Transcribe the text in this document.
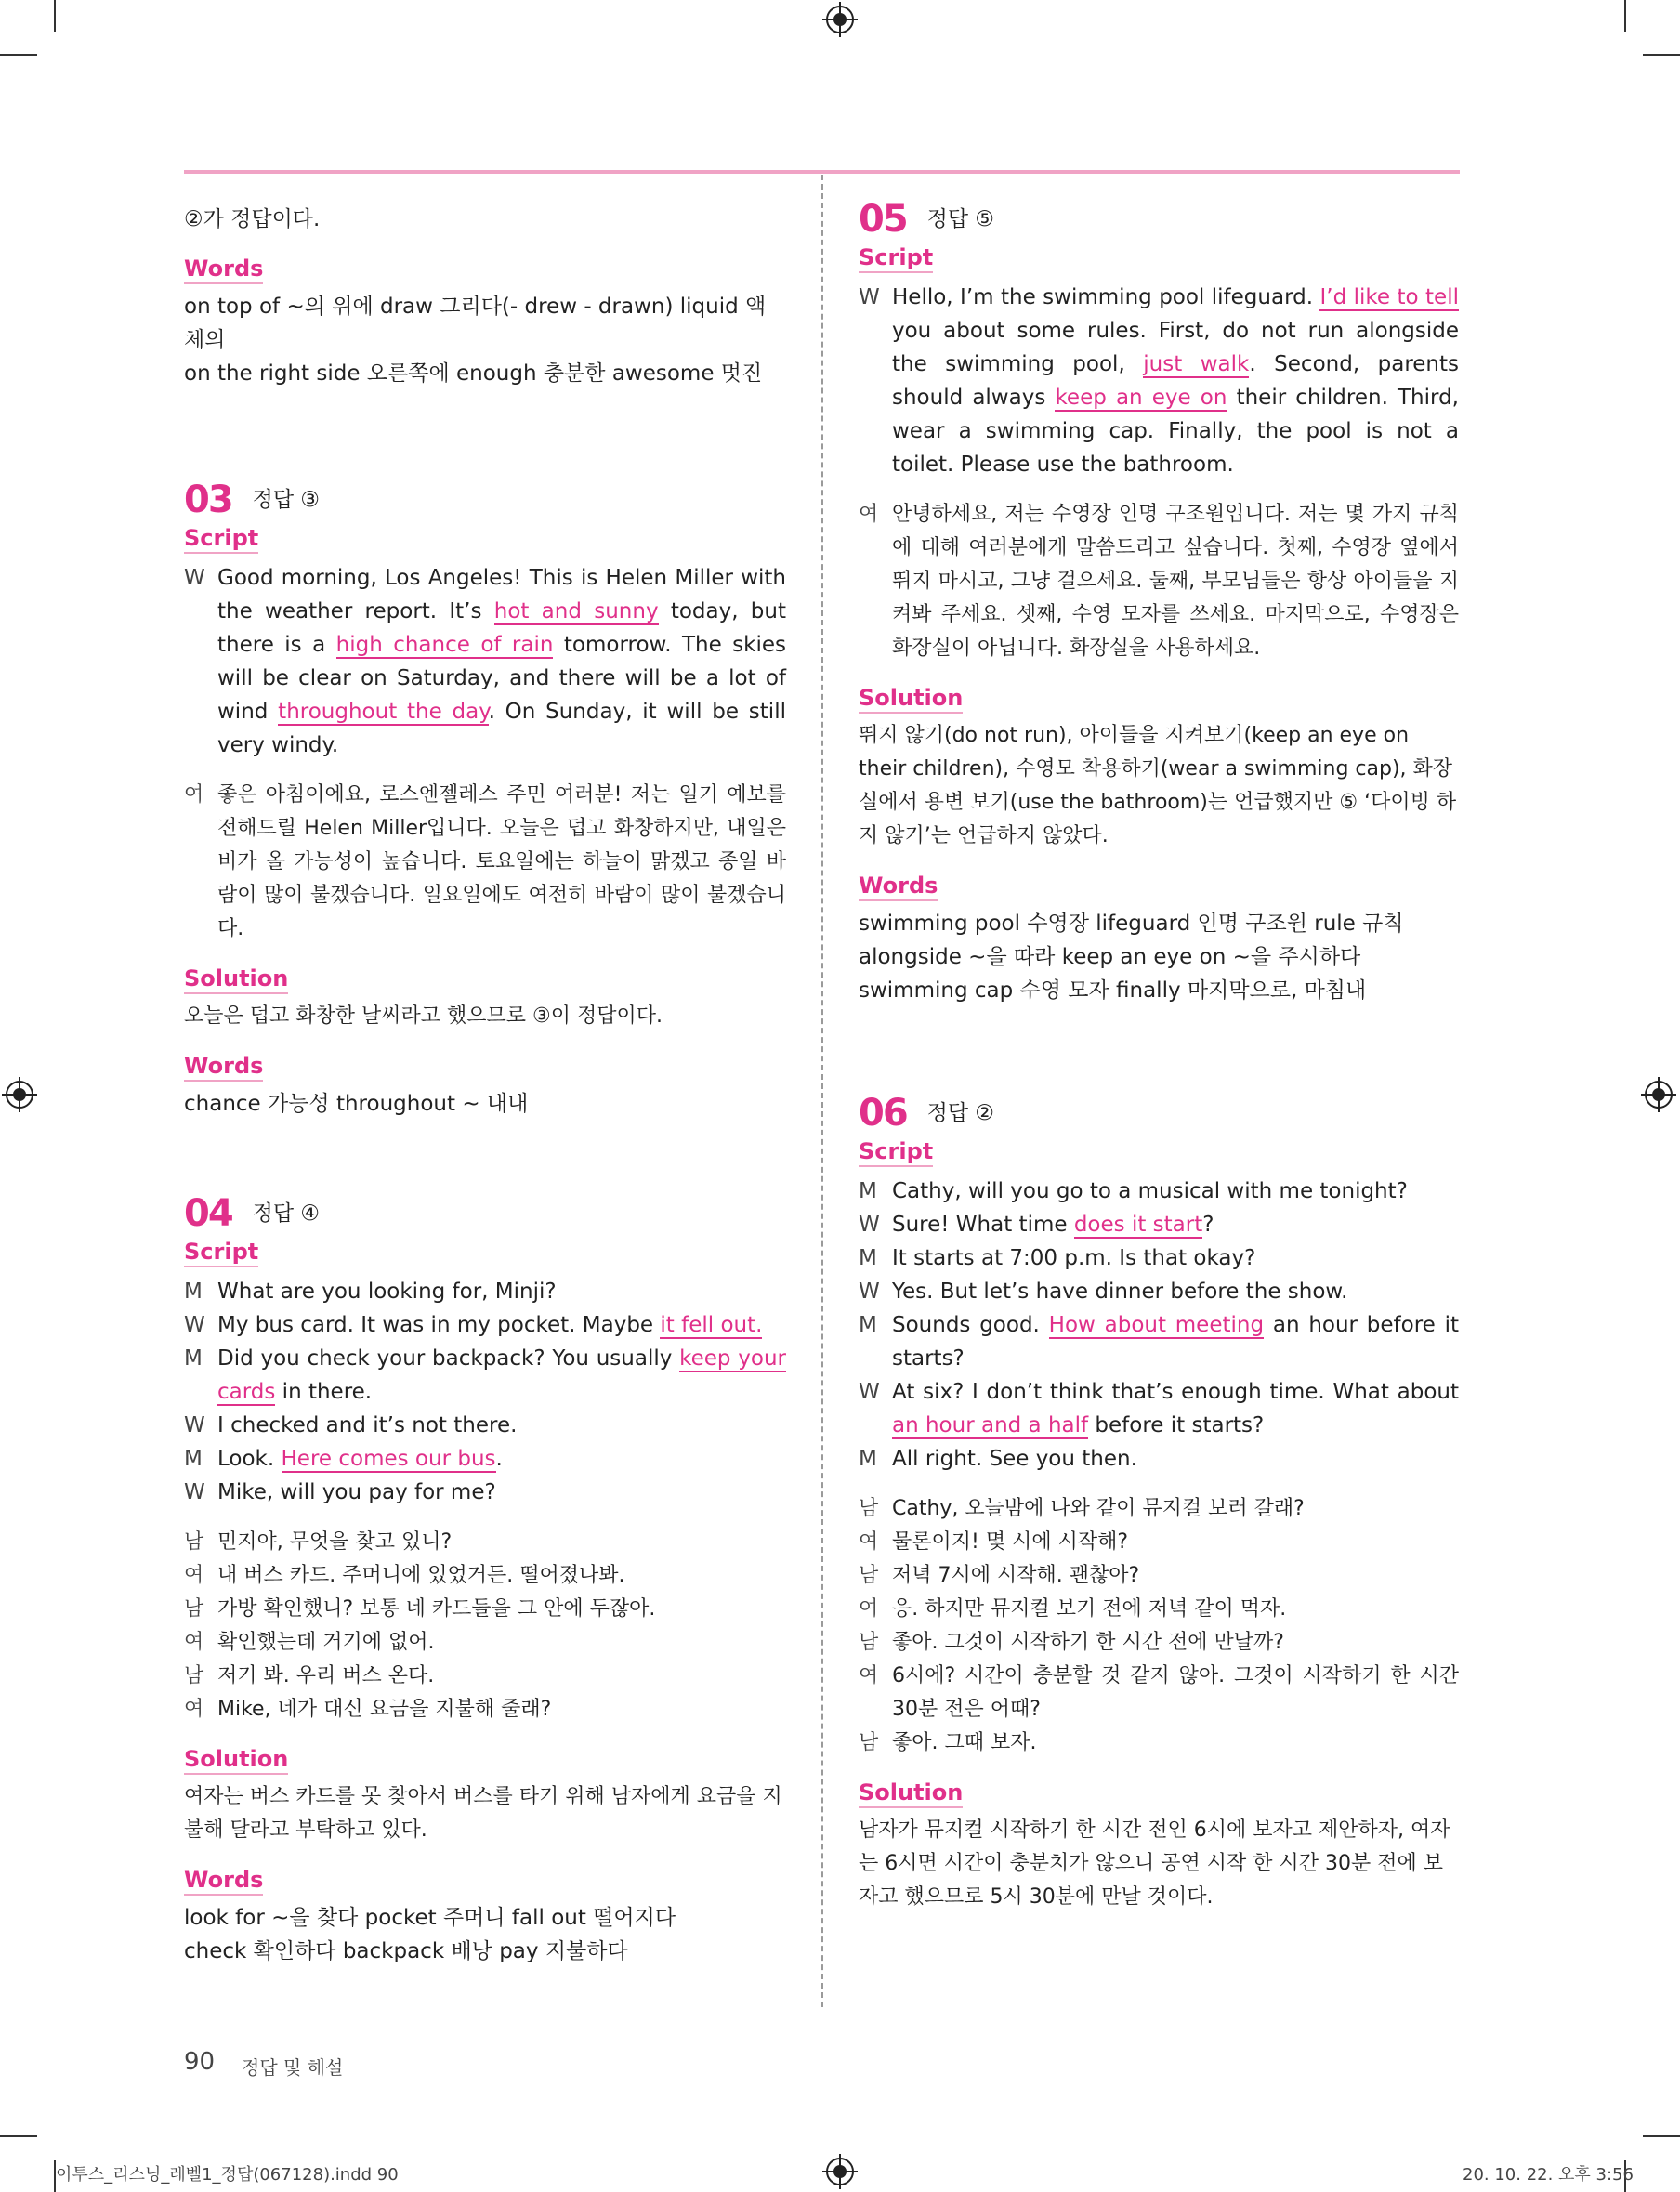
②가 정답이다.

Words

on top of ~의 위에 draw 그리다(- drew - drawn) liquid 액체의

on the right side 오른쪽에 enough 충분한 awesome 멋진

03 정답 ③
Script
W Good morning, Los Angeles! This is Helen Miller with the weather report. It’s hot and sunny today, but there is a high chance of rain tomorrow. The skies will be clear on Saturday, and there will be a lot of wind throughout the day. On Sunday, it will be still very windy.
여 좋은 아침이에요, 로스엔젤레스 주민 여러분! 저는 일기 예보를 전해드릴 Helen Miller입니다. 오늘은 덥고 화창하지만, 내일은 비가 올 가능성이 높습니다. 토요일에는 하늘이 맑겠고 종일 바람이 많이 불겠습니다. 일요일에도 여전히 바람이 많이 불겠습니다.
Solution

오늘은 덥고 화창한 날씨라고 했으므로 ③이 정답이다.

Words

chance 가능성 throughout ~ 내내

04 정답 ④
Script
M What are you looking for, Minji?
W My bus card. It was in my pocket. Maybe it fell out.
M Did you check your backpack? You usually keep your cards in there.
W I checked and it’s not there.
M Look. Here comes our bus.
W Mike, will you pay for me?
남 민지야, 무엇을 찾고 있니?
여 내 버스 카드. 주머니에 있었거든. 떨어졌나봐.
남 가방 확인했니? 보통 네 카드들을 그 안에 두잖아.
여 확인했는데 거기에 없어.
남 저기 봐. 우리 버스 온다.
여 Mike, 네가 대신 요금을 지불해 줄래?
Solution

여자는 버스 카드를 못 찾아서 버스를 타기 위해 남자에게 요금을 지불해 달라고 부탁하고 있다.

Words

look for ~을 찾다 pocket 주머니 fall out 떨어지다

check 확인하다 backpack 배낭 pay 지불하다

05 정답 ⑤
Script
W Hello, I’m the swimming pool lifeguard. I’d like to tell you about some rules. First, do not run alongside the swimming pool, just walk. Second, parents should always keep an eye on their children. Third, wear a swimming cap. Finally, the pool is not a toilet. Please use the bathroom.
여 안녕하세요, 저는 수영장 인명 구조원입니다. 저는 몇 가지 규칙에 대해 여러분에게 말씀드리고 싶습니다. 첫째, 수영장 옆에서 뛰지 마시고, 그냥 걸으세요. 둘째, 부모님들은 항상 아이들을 지켜봐 주세요. 셋째, 수영 모자를 쓰세요. 마지막으로, 수영장은 화장실이 아닙니다. 화장실을 사용하세요.
Solution

뛰지 않기(do not run), 아이들을 지켜보기(keep an eye on their children), 수영모 착용하기(wear a swimming cap), 화장실에서 용변 보기(use the bathroom)는 언급했지만 ⑤ ‘다이빙 하지 않기’는 언급하지 않았다.

Words

swimming pool 수영장 lifeguard 인명 구조원 rule 규칙

alongside ~을 따라 keep an eye on ~을 주시하다

swimming cap 수영 모자 finally 마지막으로, 마침내

06 정답 ②
Script
M Cathy, will you go to a musical with me tonight?
W Sure! What time does it start?
M It starts at 7:00 p.m. Is that okay?
W Yes. But let’s have dinner before the show.
M Sounds good. How about meeting an hour before it starts?
W At six? I don’t think that’s enough time. What about an hour and a half before it starts?
M All right. See you then.
남 Cathy, 오늘밤에 나와 같이 뮤지컬 보러 갈래?
여 물론이지! 몇 시에 시작해?
남 저녁 7시에 시작해. 괜찮아?
여 응. 하지만 뮤지컬 보기 전에 저녁 같이 먹자.
남 좋아. 그것이 시작하기 한 시간 전에 만날까?
여 6시에? 시간이 충분할 것 같지 않아. 그것이 시작하기 한 시간 30분 전은 어때?
남 좋아. 그때 보자.
Solution

남자가 뮤지컬 시작하기 한 시간 전인 6시에 보자고 제안하자, 여자는 6시면 시간이 충분치가 않으니 공연 시작 한 시간 30분 전에 보자고 했으므로 5시 30분에 만날 것이다.

90 정답 및 해설
이투스_리스닝_레벨1_정답(067128).indd 90	20. 10. 22. 오후 3:56
